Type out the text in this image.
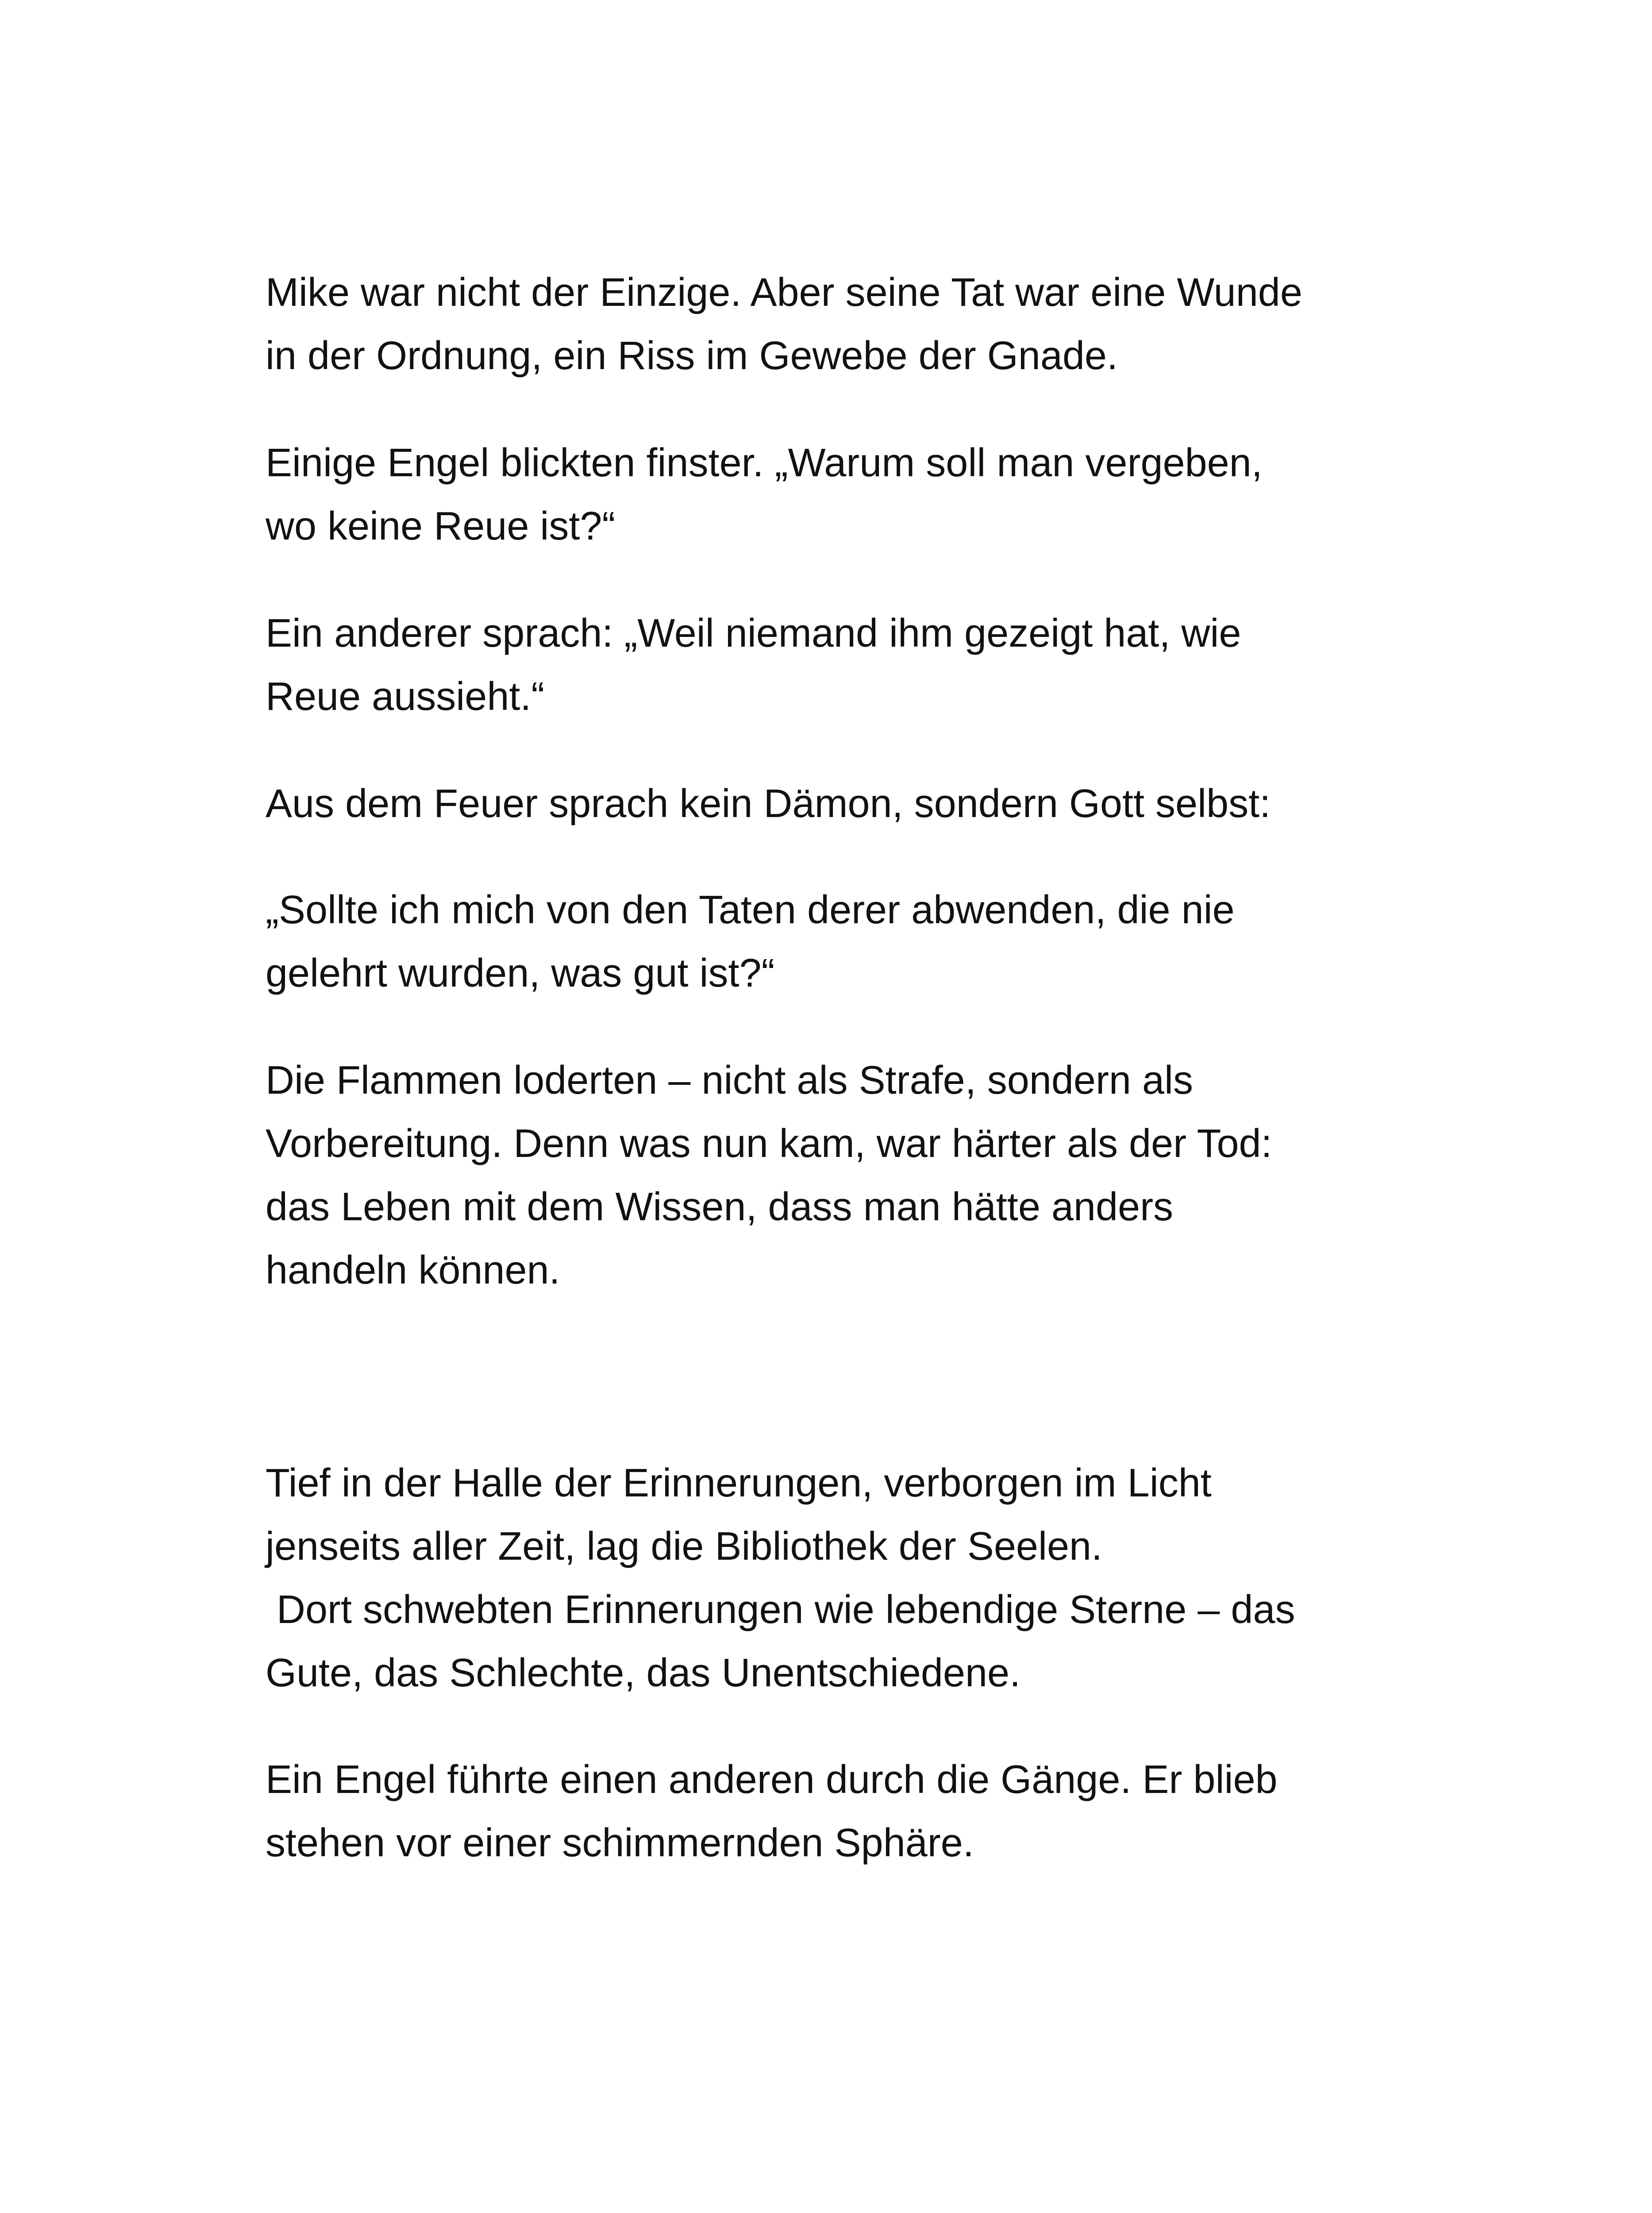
Mike war nicht der Einzige. Aber seine Tat war eine Wunde
in der Ordnung, ein Riss im Gewebe der Gnade.

Einige Engel blickten finster. „Warum soll man vergeben,
wo keine Reue ist?“

Ein anderer sprach: „Weil niemand ihm gezeigt hat, wie
Reue aussieht.“

Aus dem Feuer sprach kein Dämon, sondern Gott selbst:

„Sollte ich mich von den Taten derer abwenden, die nie
gelehrt wurden, was gut ist?“

Die Flammen loderten – nicht als Strafe, sondern als
Vorbereitung. Denn was nun kam, war härter als der Tod:
das Leben mit dem Wissen, dass man hätte anders
handeln können.

Tief in der Halle der Erinnerungen, verborgen im Licht
jenseits aller Zeit, lag die Bibliothek der Seelen.
Dort schwebten Erinnerungen wie lebendige Sterne – das
Gute, das Schlechte, das Unentschiedene.

Ein Engel führte einen anderen durch die Gänge. Er blieb
stehen vor einer schimmernden Sphäre.
